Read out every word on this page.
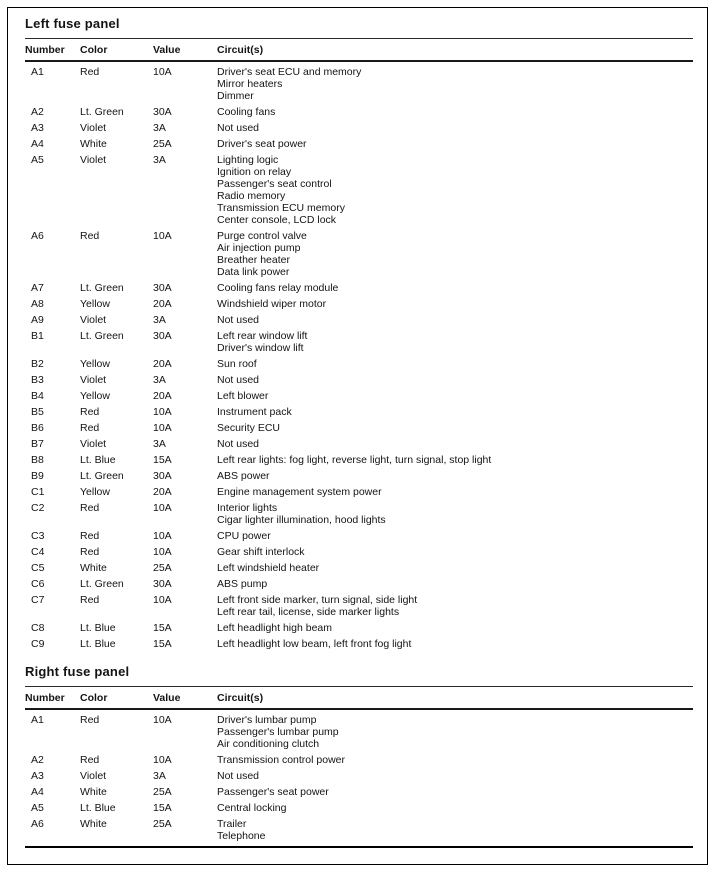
Left fuse panel
Number	Color	Value	Circuit(s)
A1	Red	10A	Driver's seat ECU and memory
Mirror heaters
Dimmer
A2	Lt. Green	30A	Cooling fans
A3	Violet	3A	Not used
A4	White	25A	Driver's seat power
A5	Violet	3A	Lighting logic
Ignition on relay
Passenger's seat control
Radio memory
Transmission ECU memory
Center console, LCD lock
A6	Red	10A	Purge control valve
Air injection pump
Breather heater
Data link power
A7	Lt. Green	30A	Cooling fans relay module
A8	Yellow	20A	Windshield wiper motor
A9	Violet	3A	Not used
B1	Lt. Green	30A	Left rear window lift
Driver's window lift
B2	Yellow	20A	Sun roof
B3	Violet	3A	Not used
B4	Yellow	20A	Left blower
B5	Red	10A	Instrument pack
B6	Red	10A	Security ECU
B7	Violet	3A	Not used
B8	Lt. Blue	15A	Left rear lights: fog light, reverse light, turn signal, stop light
B9	Lt. Green	30A	ABS power
C1	Yellow	20A	Engine management system power
C2	Red	10A	Interior lights
Cigar lighter illumination, hood lights
C3	Red	10A	CPU power
C4	Red	10A	Gear shift interlock
C5	White	25A	Left windshield heater
C6	Lt. Green	30A	ABS pump
C7	Red	10A	Left front side marker, turn signal, side light
Left rear tail, license, side marker lights
C8	Lt. Blue	15A	Left headlight high beam
C9	Lt. Blue	15A	Left headlight low beam, left front fog light
Right fuse panel
Number	Color	Value	Circuit(s)
A1	Red	10A	Driver's lumbar pump
Passenger's lumbar pump
Air conditioning clutch
A2	Red	10A	Transmission control power
A3	Violet	3A	Not used
A4	White	25A	Passenger's seat power
A5	Lt. Blue	15A	Central locking
A6	White	25A	Trailer
Telephone
